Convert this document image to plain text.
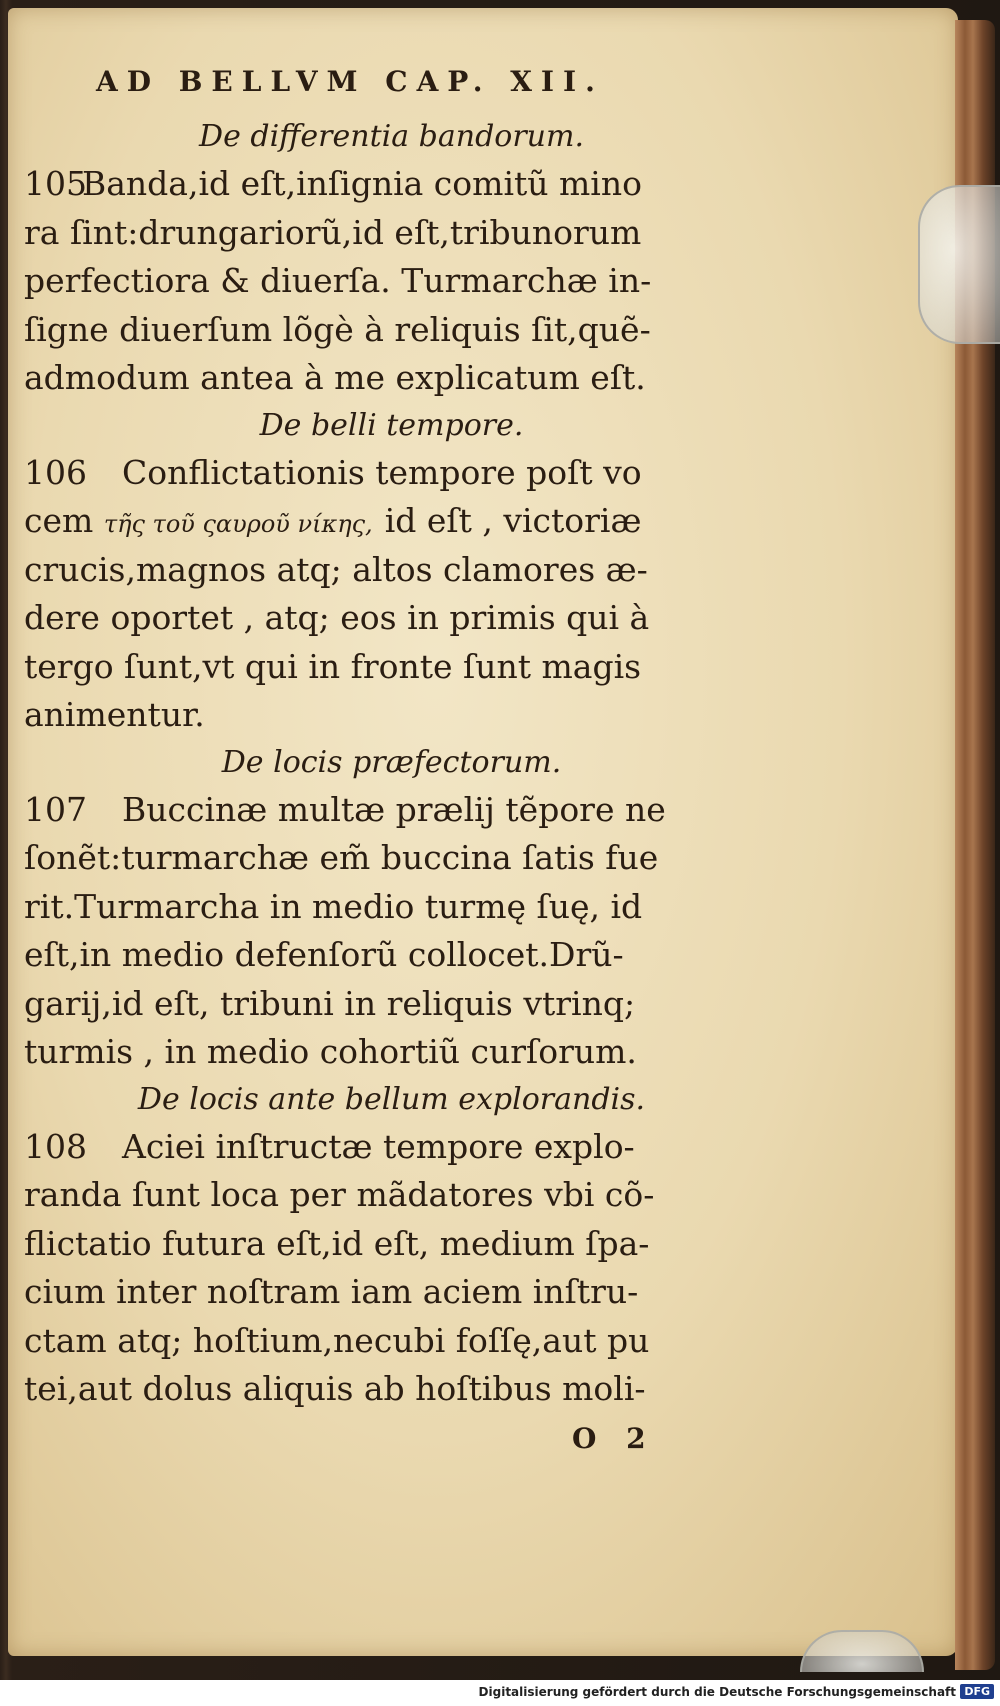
AD BELLVM CAP. XII.
De differentia bandorum.
105Banda,id eſt,inſignia comitũ mino
ra ſint:drungariorũ,id eſt,tribunorum
perfectiora & diuerſa. Turmarchæ in-
ſigne diuerſum lõgè à reliquis ſit,quẽ-
admodum antea à me explicatum eſt.
De belli tempore.
106 Conflictationis tempore poſt vo
cem τῆς τοῦ ςαυροῦ νίκης, id eſt , victoriæ
crucis,magnos atq; altos clamores æ-
dere oportet , atq; eos in primis qui à
tergo ſunt,vt qui in fronte ſunt magis
animentur.
De locis præfectorum.
107 Buccinæ multæ prælij tẽpore ne
ſonẽt:turmarchæ em̃ buccina ſatis fue
rit.Turmarcha in medio turmę ſuę, id
eſt,in medio defenſorũ collocet.Drũ-
garij,id eſt, tribuni in reliquis vtrinq;
turmis , in medio cohortiũ curſorum.
De locis ante bellum explorandis.
108 Aciei inſtructæ tempore explo-
randa ſunt loca per mãdatores vbi cõ-
flictatio futura eſt,id eſt, medium ſpa-
cium inter noſtram iam aciem inſtru-
ctam atq; hoſtium,necubi foſſę,aut pu
tei,aut dolus aliquis ab hoſtibus moli-
O 2
Digitalisierung gefördert durch die Deutsche Forschungsgemeinschaft DFG
